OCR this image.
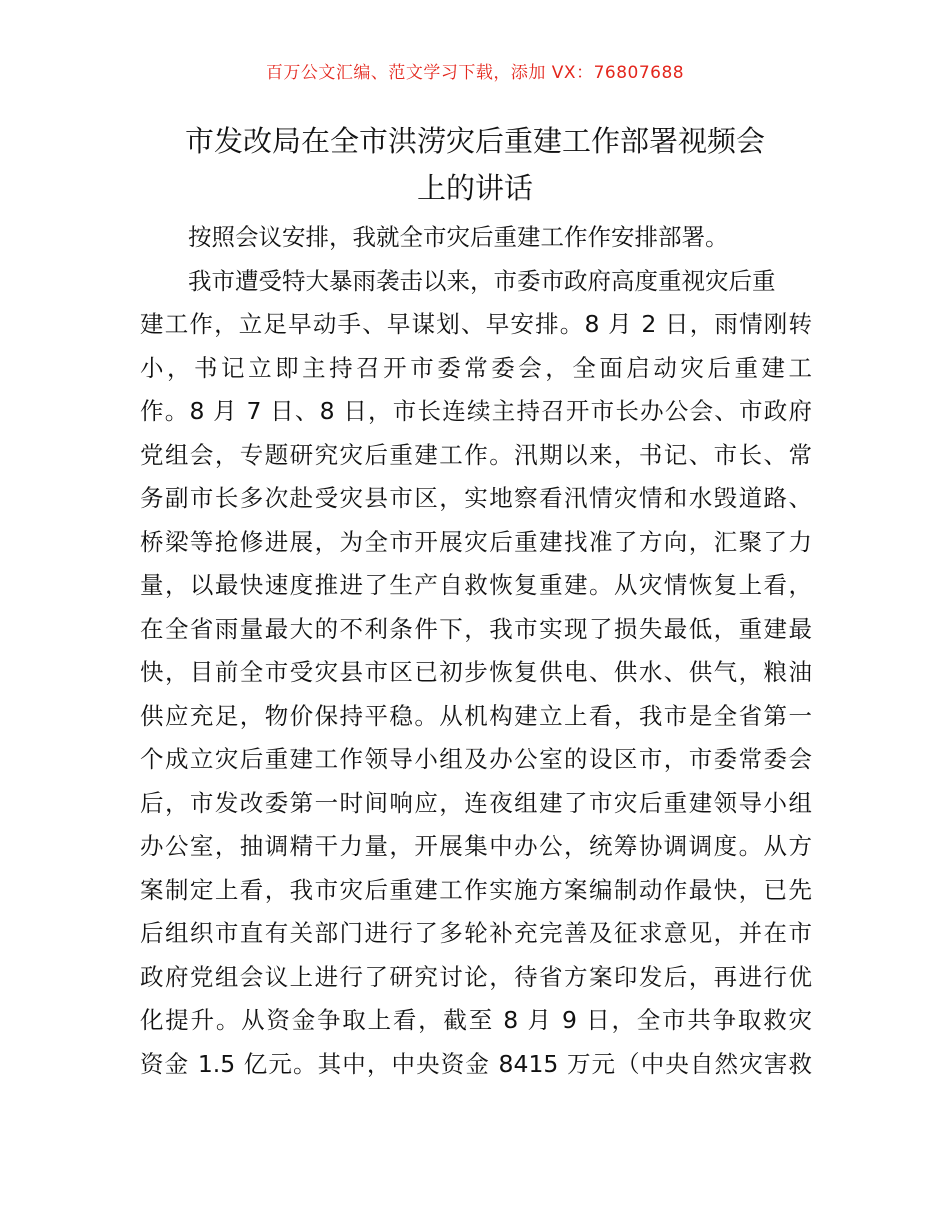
百万公文汇编、范文学习下载，添加 VX：76807688
市发改局在全市洪涝灾后重建工作部署视频会
上的讲话
按照会议安排，我就全市灾后重建工作作安排部署。
我市遭受特大暴雨袭击以来，市委市政府高度重视灾后重
建工作，立足早动手、早谋划、早安排。8 月 2 日，雨情刚转
小，书记立即主持召开市委常委会，全面启动灾后重建工
作。8 月 7 日、8 日，市长连续主持召开市长办公会、市政府
党组会，专题研究灾后重建工作。汛期以来，书记、市长、常
务副市长多次赴受灾县市区，实地察看汛情灾情和水毁道路、
桥梁等抢修进展，为全市开展灾后重建找准了方向，汇聚了力
量，以最快速度推进了生产自救恢复重建。从灾情恢复上看，
在全省雨量最大的不利条件下，我市实现了损失最低，重建最
快，目前全市受灾县市区已初步恢复供电、供水、供气，粮油
供应充足，物价保持平稳。从机构建立上看，我市是全省第一
个成立灾后重建工作领导小组及办公室的设区市，市委常委会
后，市发改委第一时间响应，连夜组建了市灾后重建领导小组
办公室，抽调精干力量，开展集中办公，统筹协调调度。从方
案制定上看，我市灾后重建工作实施方案编制动作最快，已先
后组织市直有关部门进行了多轮补充完善及征求意见，并在市
政府党组会议上进行了研究讨论，待省方案印发后，再进行优
化提升。从资金争取上看，截至 8 月 9 日，全市共争取救灾
资金 1.5 亿元。其中，中央资金 8415 万元（中央自然灾害救
